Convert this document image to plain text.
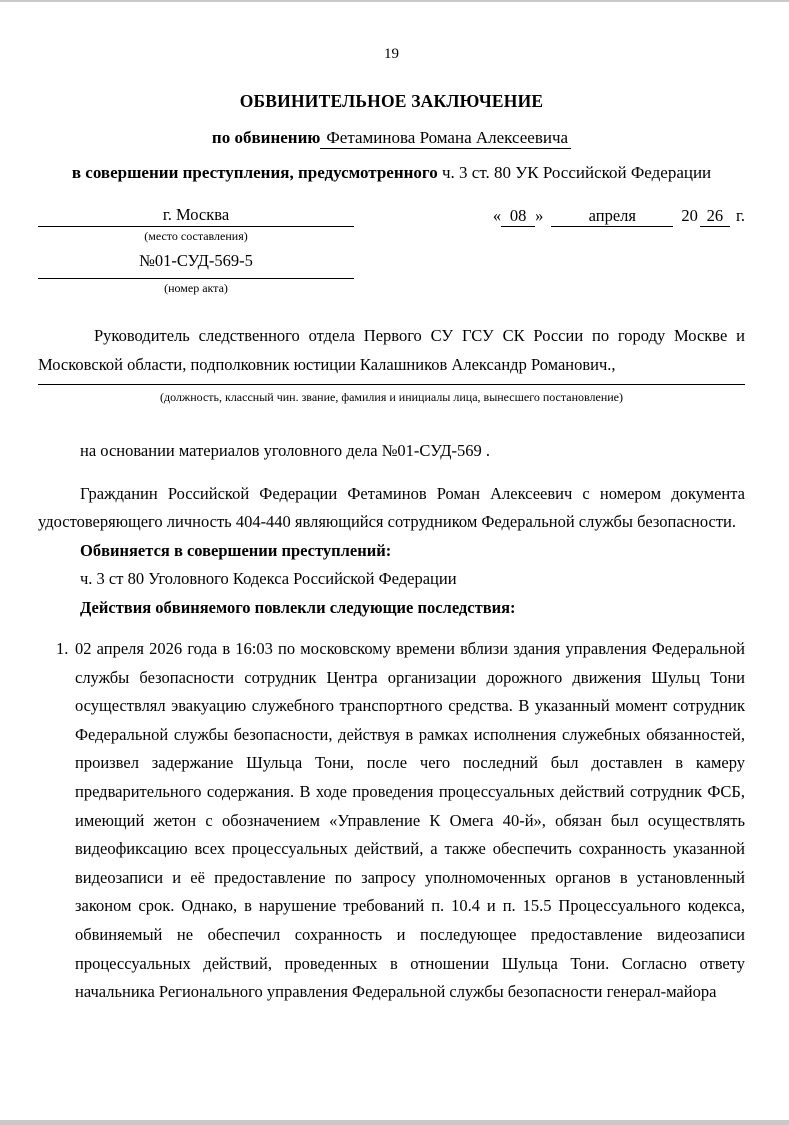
19
ОБВИНИТЕЛЬНОЕ ЗАКЛЮЧЕНИЕ
по обвинению Фетаминова Романа Алексеевича
в совершении преступления, предусмотренного ч. 3 ст. 80 УК Российской Федерации
г. Москва
(место составления)
№01-СУД-569-5
(номер акта)
« 08 »	апреля	20 26 г.
Руководитель следственного отдела Первого СУ ГСУ СК России по городу Москве и Московской области, подполковник юстиции Калашников Александр Романович.,
(должность, классный чин. звание, фамилия и инициалы лица, вынесшего постановление)
на основании материалов уголовного дела №01-СУД-569 .
Гражданин Российской Федерации Фетаминов Роман Алексеевич с номером документа удостоверяющего личность 404-440 являющийся сотрудником Федеральной службы безопасности.
Обвиняется в совершении преступлений:
ч. 3 ст 80 Уголовного Кодекса Российской Федерации
Действия обвиняемого повлекли следующие последствия:
1. 02 апреля 2026 года в 16:03 по московскому времени вблизи здания управления Федеральной службы безопасности сотрудник Центра организации дорожного движения Шульц Тони осуществлял эвакуацию служебного транспортного средства. В указанный момент сотрудник Федеральной службы безопасности, действуя в рамках исполнения служебных обязанностей, произвел задержание Шульца Тони, после чего последний был доставлен в камеру предварительного содержания. В ходе проведения процессуальных действий сотрудник ФСБ, имеющий жетон с обозначением «Управление К Омега 40-й», обязан был осуществлять видеофиксацию всех процессуальных действий, а также обеспечить сохранность указанной видеозаписи и её предоставление по запросу уполномоченных органов в установленный законом срок. Однако, в нарушение требований п. 10.4 и п. 15.5 Процессуального кодекса, обвиняемый не обеспечил сохранность и последующее предоставление видеозаписи процессуальных действий, проведенных в отношении Шульца Тони. Согласно ответу начальника Регионального управления Федеральной службы безопасности генерал-майора
